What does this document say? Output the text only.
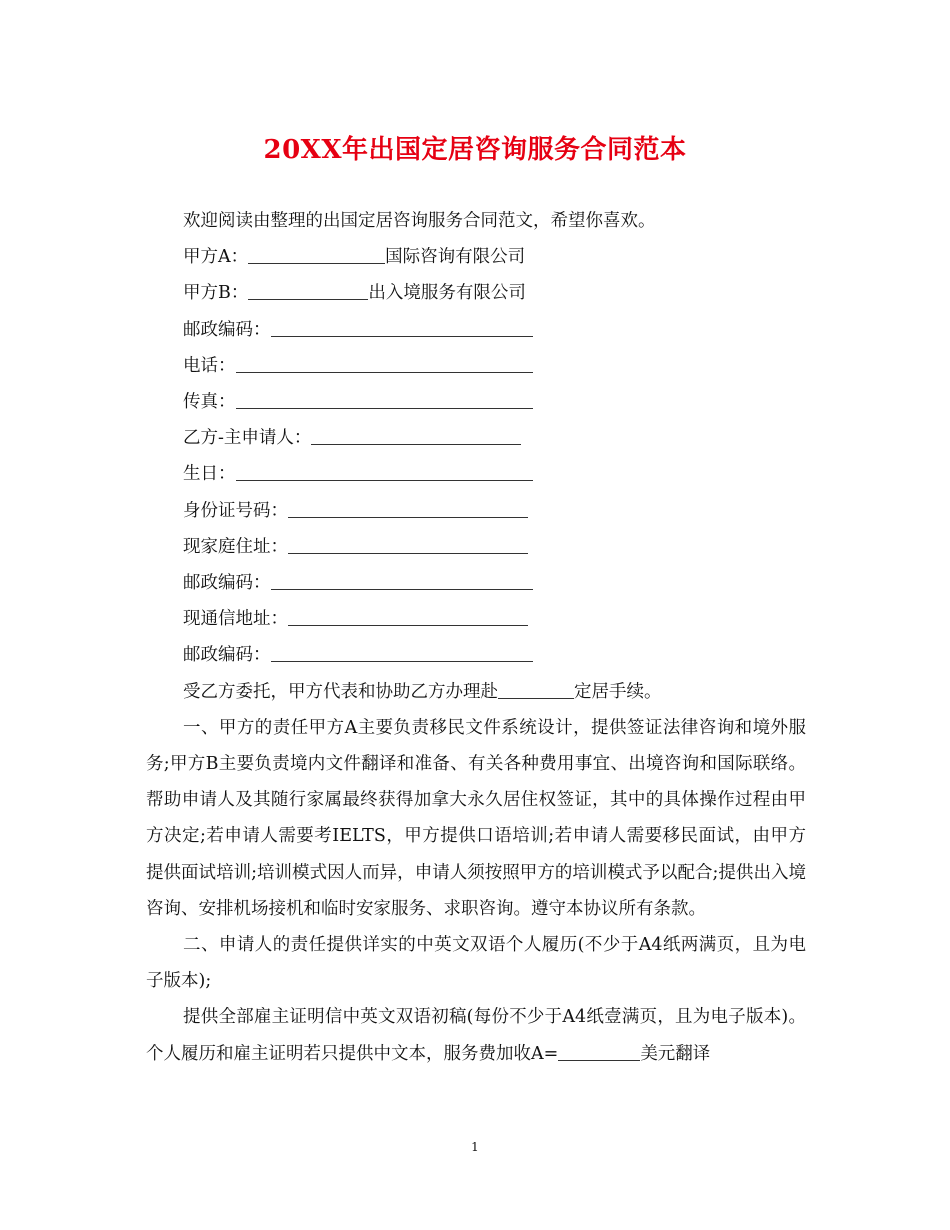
20XX年出国定居咨询服务合同范本
欢迎阅读由整理的出国定居咨询服务合同范文，希望你喜欢。
甲方A：	国际咨询有限公司
甲方B：	出入境服务有限公司
邮政编码：
电话：
传真：
乙方-主申请人：
生日：
身份证号码：
现家庭住址：
邮政编码：
现通信地址：
邮政编码：
受乙方委托，甲方代表和协助乙方办理赴	定居手续。
一、甲方的责任甲方A主要负责移民文件系统设计，提供签证法律咨询和境外服务;甲方B主要负责境内文件翻译和准备、有关各种费用事宜、出境咨询和国际联络。帮助申请人及其随行家属最终获得加拿大永久居住权签证，其中的具体操作过程由甲方决定;若申请人需要考IELTS，甲方提供口语培训;若申请人需要移民面试，由甲方提供面试培训;培训模式因人而异，申请人须按照甲方的培训模式予以配合;提供出入境咨询、安排机场接机和临时安家服务、求职咨询。遵守本协议所有条款。
二、申请人的责任提供详实的中英文双语个人履历(不少于A4纸两满页，且为电子版本);
提供全部雇主证明信中英文双语初稿(每份不少于A4纸壹满页，且为电子版本)。个人履历和雇主证明若只提供中文本，服务费加收A=	美元翻译
1
